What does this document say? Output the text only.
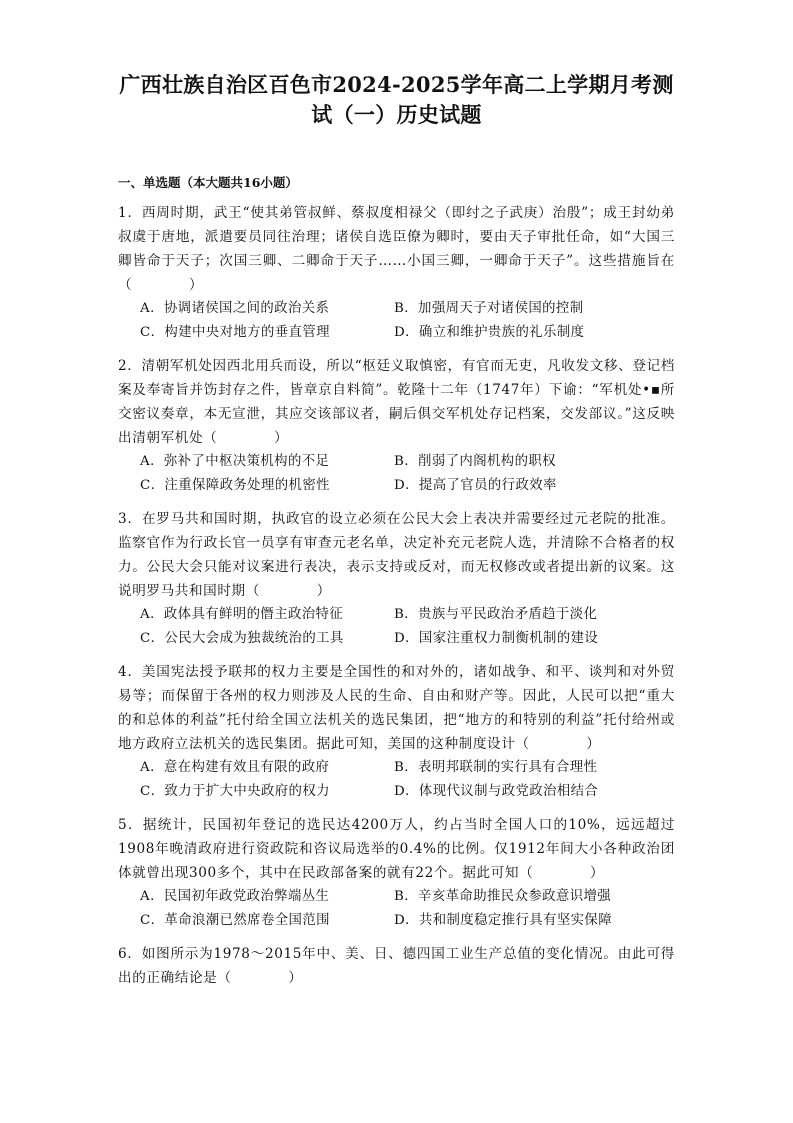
广西壮族自治区百色市2024-2025学年高二上学期月考测
试（一）历史试题
一、单选题（本大题共16小题）
1．西周时期，武王“使其弟管叔鲜、蔡叔度相禄父（即纣之子武庚）治殷”；成王封幼弟叔虞于唐地，派遣要员同往治理；诸侯自选臣僚为卿时，要由天子审批任命，如“大国三卿皆命于天子；次国三卿、二卿命于天子……小国三卿，一卿命于天子”。这些措施旨在（　　　　）
A．协调诸侯国之间的政治关系	B．加强周天子对诸侯国的控制
C．构建中央对地方的垂直管理	D．确立和维护贵族的礼乐制度
2．清朝军机处因西北用兵而设，所以“枢廷义取慎密，有官而无吏，凡收发文移、登记档案及奉寄旨并饬封存之件，皆章京自料简”。乾隆十二年（1747年）下谕：“军机处•▪所交密议奏章，本无宣泄，其应交该部议者，嗣后俱交军机处存记档案，交发部议。”这反映出清朝军机处（　　　　）
A．弥补了中枢决策机构的不足	B．削弱了内阁机构的职权
C．注重保障政务处理的机密性	D．提高了官员的行政效率
3．在罗马共和国时期，执政官的设立必须在公民大会上表决并需要经过元老院的批准。监察官作为行政长官一员享有审查元老名单，决定补充元老院人选，并清除不合格者的权力。公民大会只能对议案进行表决，表示支持或反对，而无权修改或者提出新的议案。这说明罗马共和国时期（　　　　）
A．政体具有鲜明的僭主政治特征	B．贵族与平民政治矛盾趋于淡化
C．公民大会成为独裁统治的工具	D．国家注重权力制衡机制的建设
4．美国宪法授予联邦的权力主要是全国性的和对外的，诸如战争、和平、谈判和对外贸易等；而保留于各州的权力则涉及人民的生命、自由和财产等。因此，人民可以把“重大的和总体的利益”托付给全国立法机关的选民集团，把“地方的和特别的利益”托付给州或地方政府立法机关的选民集团。据此可知，美国的这种制度设计（　　　　）
A．意在构建有效且有限的政府	B．表明邦联制的实行具有合理性
C．致力于扩大中央政府的权力	D．体现代议制与政党政治相结合
5．据统计，民国初年登记的选民达4200万人，约占当时全国人口的10%，远远超过1908年晚清政府进行资政院和咨议局选举的0.4%的比例。仅1912年间大小各种政治团体就曾出现300多个，其中在民政部备案的就有22个。据此可知（　　　　）
A．民国初年政党政治弊端丛生	B．辛亥革命助推民众参政意识增强
C．革命浪潮已然席卷全国范围	D．共和制度稳定推行具有坚实保障
6．如图所示为1978～2015年中、美、日、德四国工业生产总值的变化情况。由此可得出的正确结论是（　　　　）
